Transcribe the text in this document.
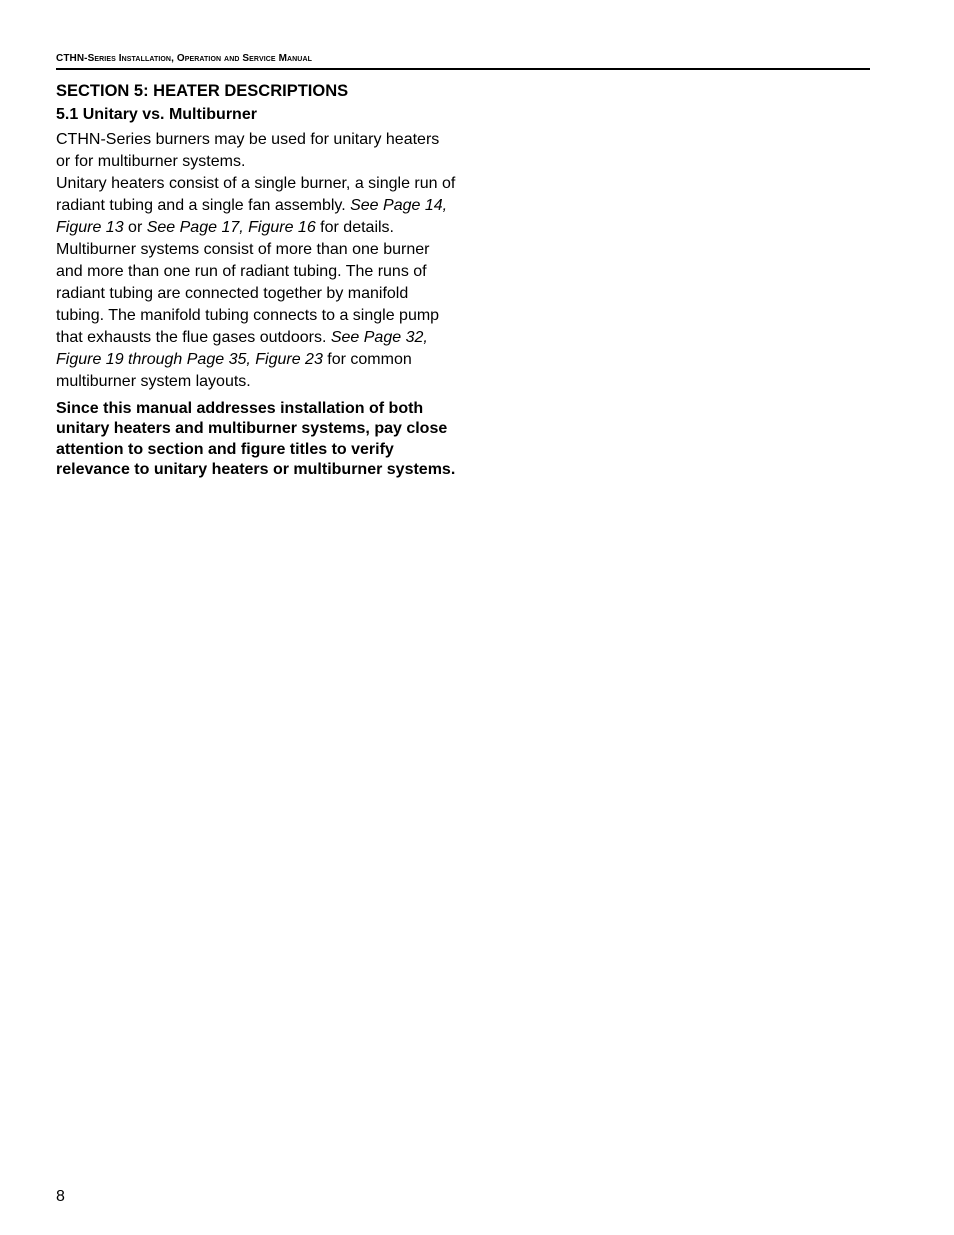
CTHN-Series Installation, Operation and Service Manual
SECTION 5: HEATER DESCRIPTIONS
5.1 Unitary vs. Multiburner

CTHN-Series burners may be used for unitary heaters or for multiburner systems.

Unitary heaters consist of a single burner, a single run of radiant tubing and a single fan assembly. See Page 14, Figure 13 or See Page 17, Figure 16 for details.

Multiburner systems consist of more than one burner and more than one run of radiant tubing. The runs of radiant tubing are connected together by manifold tubing. The manifold tubing connects to a single pump that exhausts the flue gases outdoors. See Page 32, Figure 19 through Page 35, Figure 23 for common multiburner system layouts.

Since this manual addresses installation of both unitary heaters and multiburner systems, pay close attention to section and figure titles to verify relevance to unitary heaters or multiburner systems.

8
